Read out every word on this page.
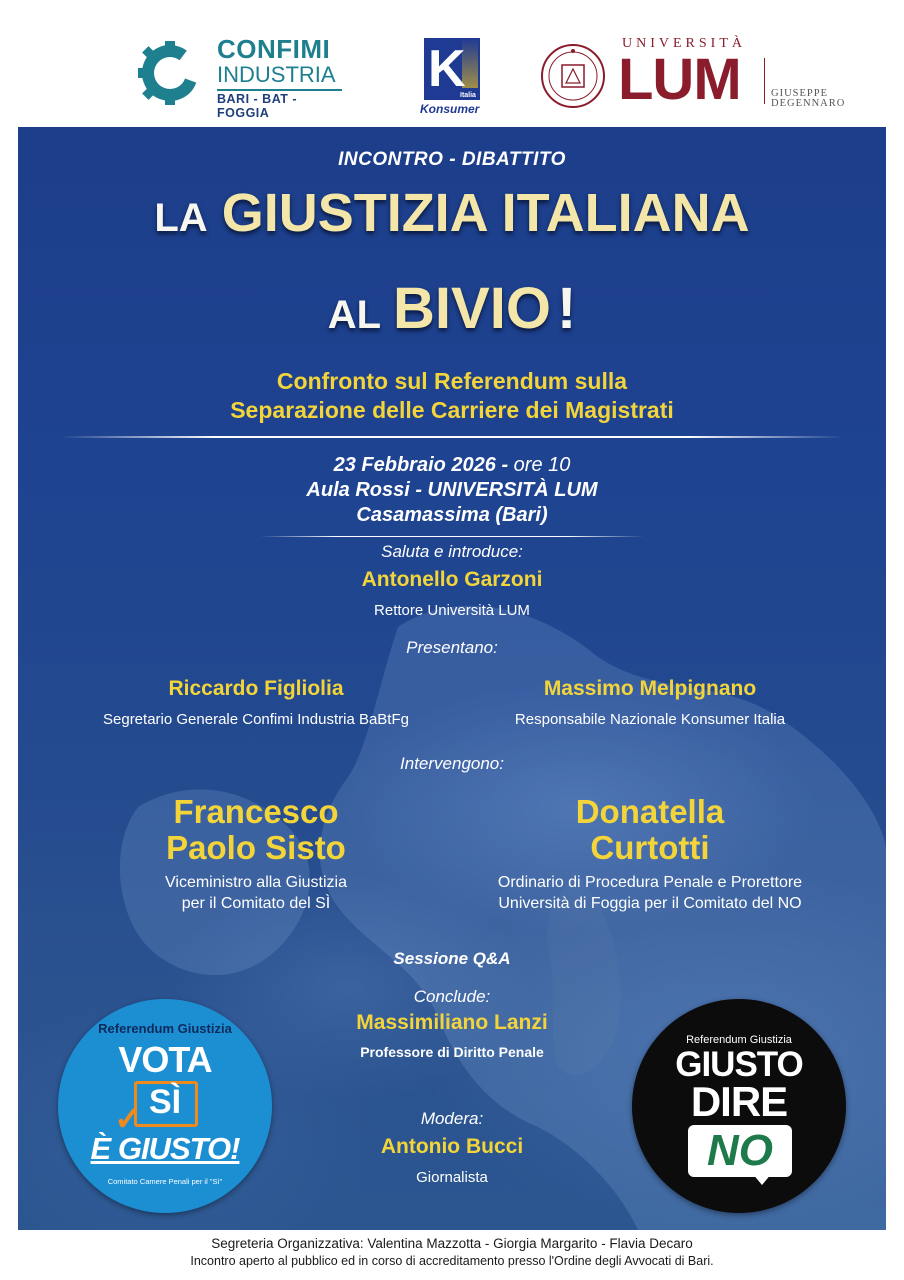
CONFIMI
INDUSTRIA
BARI - BAT - FOGGIA
K
Italia
Konsumer
UNIVERSITÀ
LUM	GIUSEPPE
DEGENNARO
INCONTRO - DIBATTITO
LA GIUSTIZIA ITALIANA
AL BIVIO !
Confronto sul Referendum sulla
Separazione delle Carriere dei Magistrati
23 Febbraio 2026 - ore 10
Aula Rossi - UNIVERSITÀ LUM
Casamassima (Bari)
Saluta e introduce:
Antonello Garzoni
Rettore Università LUM
Presentano:
Riccardo Figliolia	Massimo Melpignano
Segretario Generale Confimi Industria BaBtFg	Responsabile Nazionale Konsumer Italia
Intervengono:
Francesco
Paolo Sisto
Donatella
Curtotti
Viceministro alla Giustizia
per il Comitato del SÌ
Ordinario di Procedura Penale e Prorettore
Università di Foggia per il Comitato del NO
Sessione Q&A
Conclude:
Massimiliano Lanzi
Professore di Diritto Penale
Modera:
Antonio Bucci
Giornalista
Referendum Giustizia
VOTA
✓ SÌ
È GIUSTO!
Comitato Camere Penali per il "Sì"
Referendum Giustizia
GIUSTO
DIRE
NO
Segreteria Organizzativa: Valentina Mazzotta - Giorgia Margarito - Flavia Decaro
Incontro aperto al pubblico ed in corso di accreditamento presso l'Ordine degli Avvocati di Bari.
